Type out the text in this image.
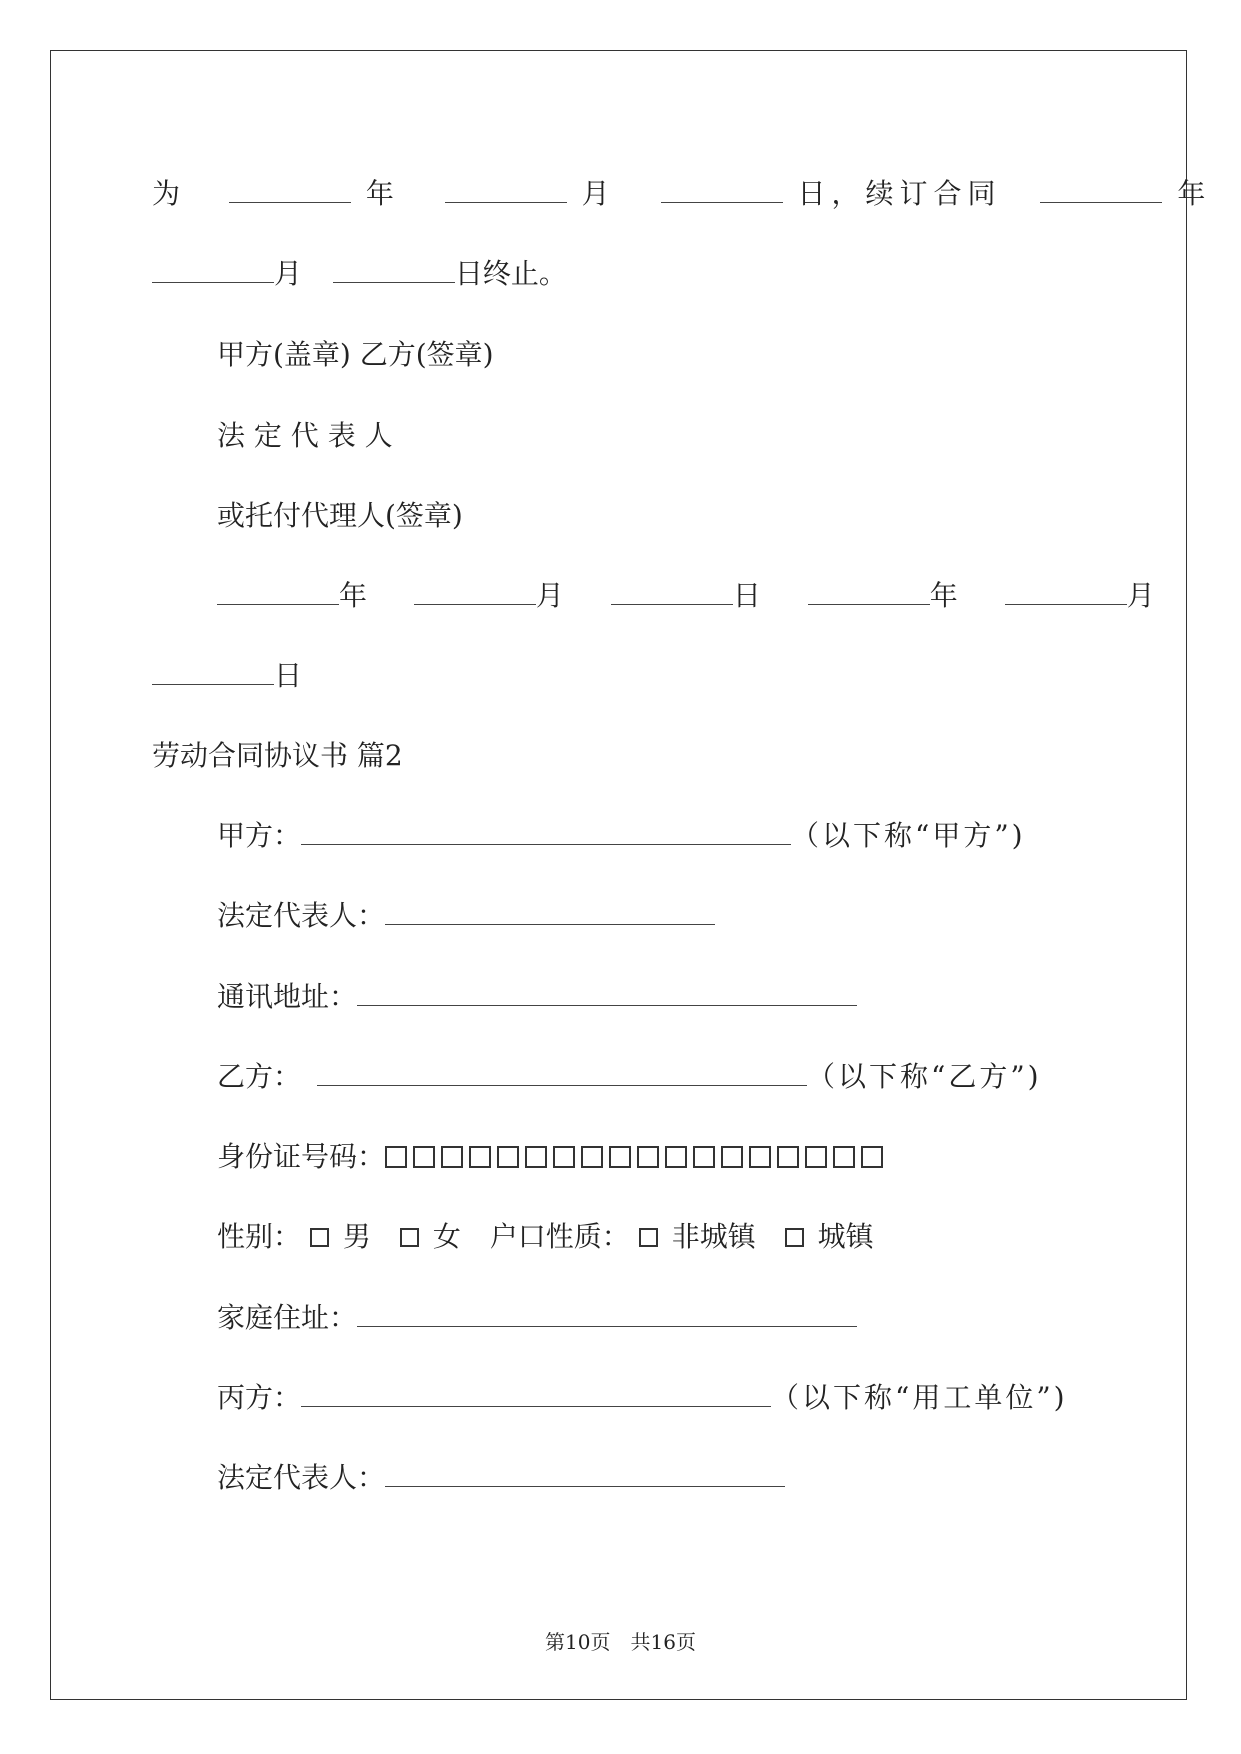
为	年	月	日，续订合同	年
月	日终止。
甲方(盖章) 乙方(签章)
法 定 代 表 人
或托付代理人(签章)
年	月	日	年	月
日
劳动合同协议书 篇2
甲方：	（以下称“甲方”)
法定代表人：
通讯地址：
乙方：	（以下称“乙方”)
身份证号码：
性别： 男 女 户口性质： 非城镇 城镇
家庭住址：
丙方：	（以下称“用工单位”)
法定代表人：
第10页　共16页
